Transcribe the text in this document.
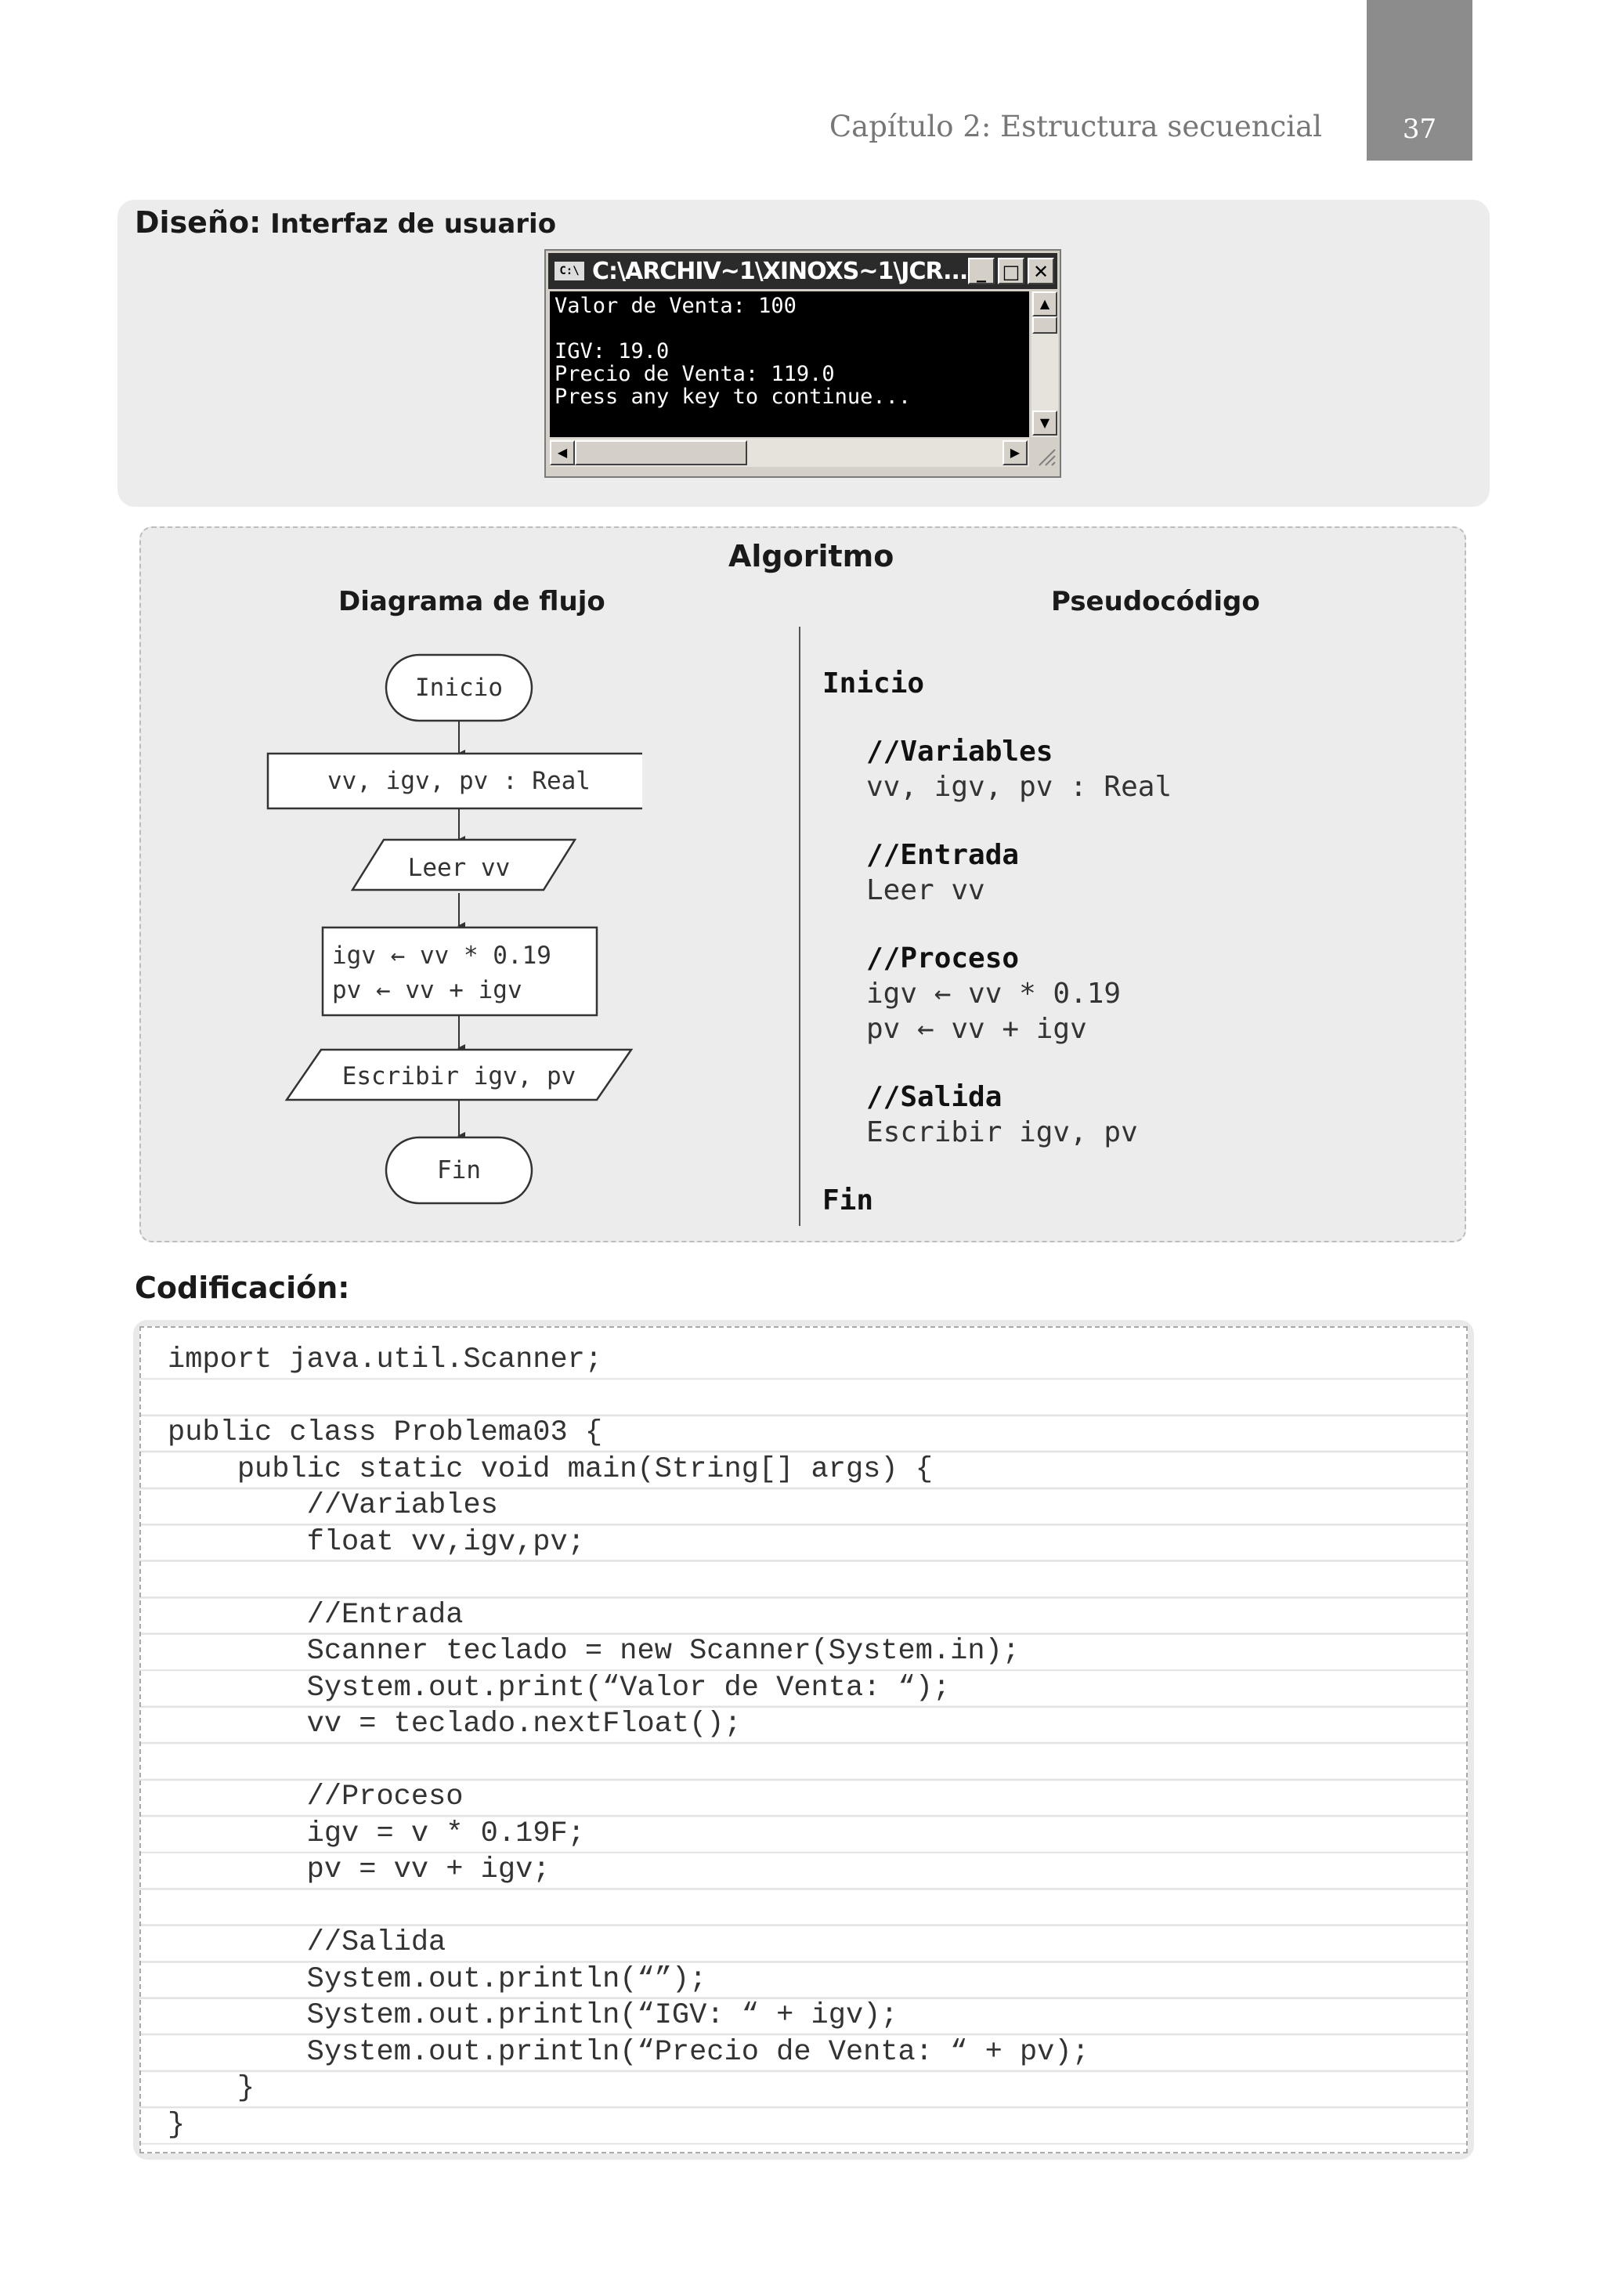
Capítulo 2: Estructura secuencial	37
Diseño: Interfaz de usuario
C:\ C:\ARCHIV~1\XINOXS~1\JCR... _ □ ✕
Valor de Venta: 100

IGV: 19.0
Precio de Venta: 119.0
Press any key to continue...
▲
▼
◀	▶
Algoritmo
Diagrama de flujo	Pseudocódigo
Inicio
vv, igv, pv : Real
Leer vv
igv ← vv * 0.19
pv ← vv + igv
Escribir igv, pv
Fin
Inicio
//Variables
vv, igv, pv : Real
//Entrada
Leer vv
//Proceso
igv ← vv * 0.19
pv ← vv + igv
//Salida
Escribir igv, pv
Fin
Codificación:
import java.util.Scanner;

public class Problema03 {
public static void main(String[] args) {
//Variables
float vv,igv,pv;

//Entrada
Scanner teclado = new Scanner(System.in);
System.out.print(“Valor de Venta: “);
vv = teclado.nextFloat();

//Proceso
igv = v * 0.19F;
pv = vv + igv;

//Salida
System.out.println(“”);
System.out.println(“IGV: “ + igv);
System.out.println(“Precio de Venta: “ + pv);
}
}
